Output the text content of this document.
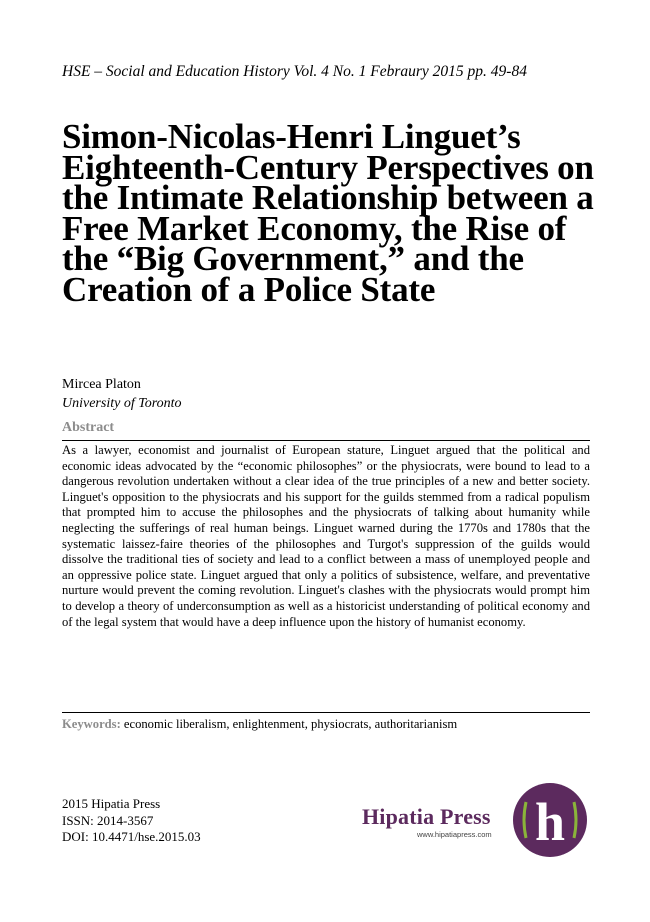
HSE – Social and Education History Vol. 4 No. 1 Febraury 2015 pp. 49-84
Simon-Nicolas-Henri Linguet’s Eighteenth-Century Perspectives on the Intimate Relationship between a Free Market Economy, the Rise of the “Big Government,” and the Creation of a Police State
Mircea Platon
University of Toronto
Abstract

As a lawyer, economist and journalist of European stature, Linguet argued that the political and economic ideas advocated by the “economic philosophes” or the physiocrats, were bound to lead to a dangerous revolution undertaken without a clear idea of the true principles of a new and better society. Linguet's opposition to the physiocrats and his support for the guilds stemmed from a radical populism that prompted him to accuse the philosophes and the physiocrats of talking about humanity while neglecting the sufferings of real human beings. Linguet warned during the 1770s and 1780s that the systematic laissez-faire theories of the philosophes and Turgot's suppression of the guilds would dissolve the traditional ties of society and lead to a conflict between a mass of unemployed people and an oppressive police state. Linguet argued that only a politics of subsistence, welfare, and preventative nurture would prevent the coming revolution. Linguet's clashes with the physiocrats would prompt him to develop a theory of underconsumption as well as a historicist understanding of political economy and of the legal system that would have a deep influence upon the history of humanist economy.

Keywords: economic liberalism, enlightenment, physiocrats, authoritarianism
2015 Hipatia Press
ISSN: 2014-3567
DOI: 10.4471/hse.2015.03
Hipatia Press
www.hipatiapress.com h
